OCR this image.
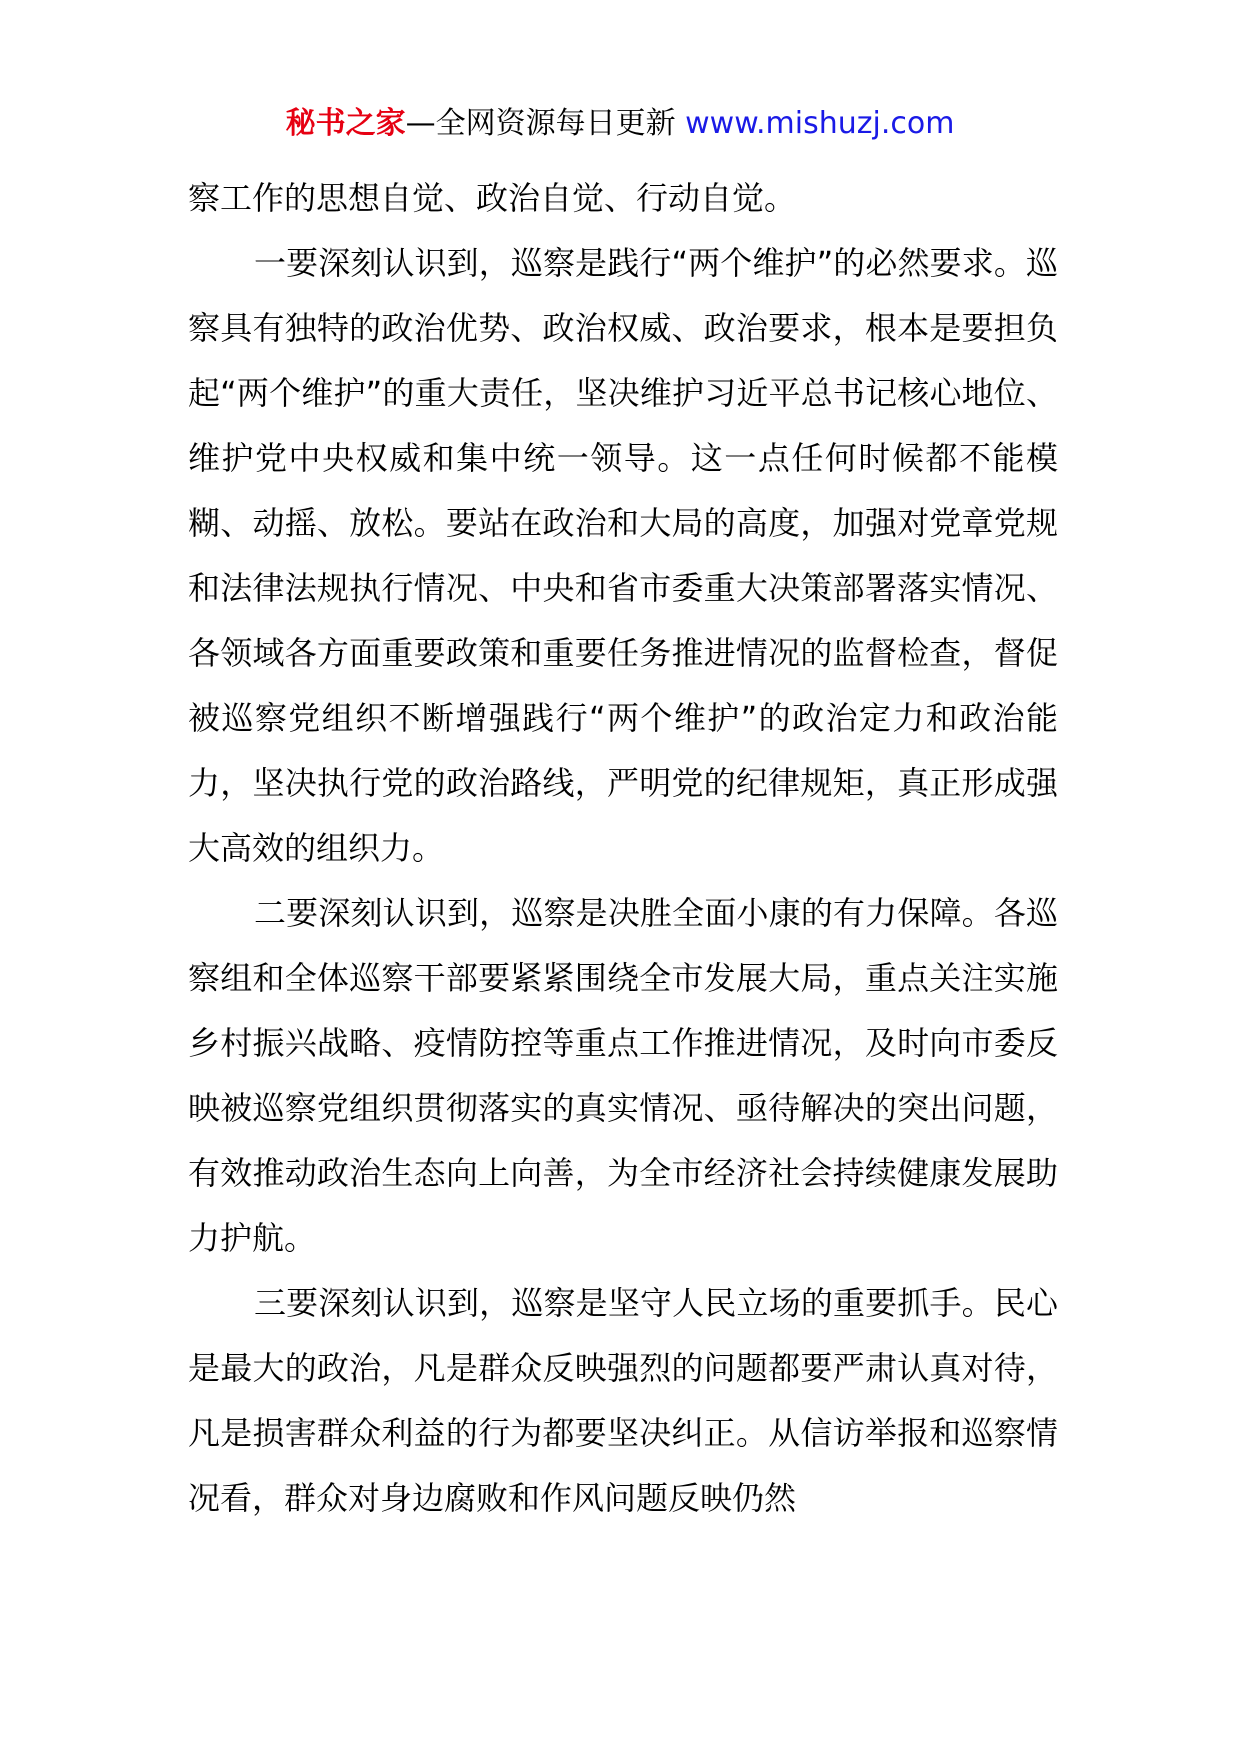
秘书之家—全网资源每日更新 www.mishuzj.com

察工作的思想自觉、政治自觉、行动自觉。

一要深刻认识到，巡察是践行“两个维护”的必然要求。巡察具有独特的政治优势、政治权威、政治要求，根本是要担负起“两个维护”的重大责任，坚决维护习近平总书记核心地位、维护党中央权威和集中统一领导。这一点任何时候都不能模糊、动摇、放松。要站在政治和大局的高度，加强对党章党规和法律法规执行情况、中央和省市委重大决策部署落实情况、各领域各方面重要政策和重要任务推进情况的监督检查，督促被巡察党组织不断增强践行“两个维护”的政治定力和政治能力，坚决执行党的政治路线，严明党的纪律规矩，真正形成强大高效的组织力。

二要深刻认识到，巡察是决胜全面小康的有力保障。各巡察组和全体巡察干部要紧紧围绕全市发展大局，重点关注实施乡村振兴战略、疫情防控等重点工作推进情况，及时向市委反映被巡察党组织贯彻落实的真实情况、亟待解决的突出问题，有效推动政治生态向上向善，为全市经济社会持续健康发展助力护航。

三要深刻认识到，巡察是坚守人民立场的重要抓手。民心是最大的政治，凡是群众反映强烈的问题都要严肃认真对待，凡是损害群众利益的行为都要坚决纠正。从信访举报和巡察情况看，群众对身边腐败和作风问题反映仍然
